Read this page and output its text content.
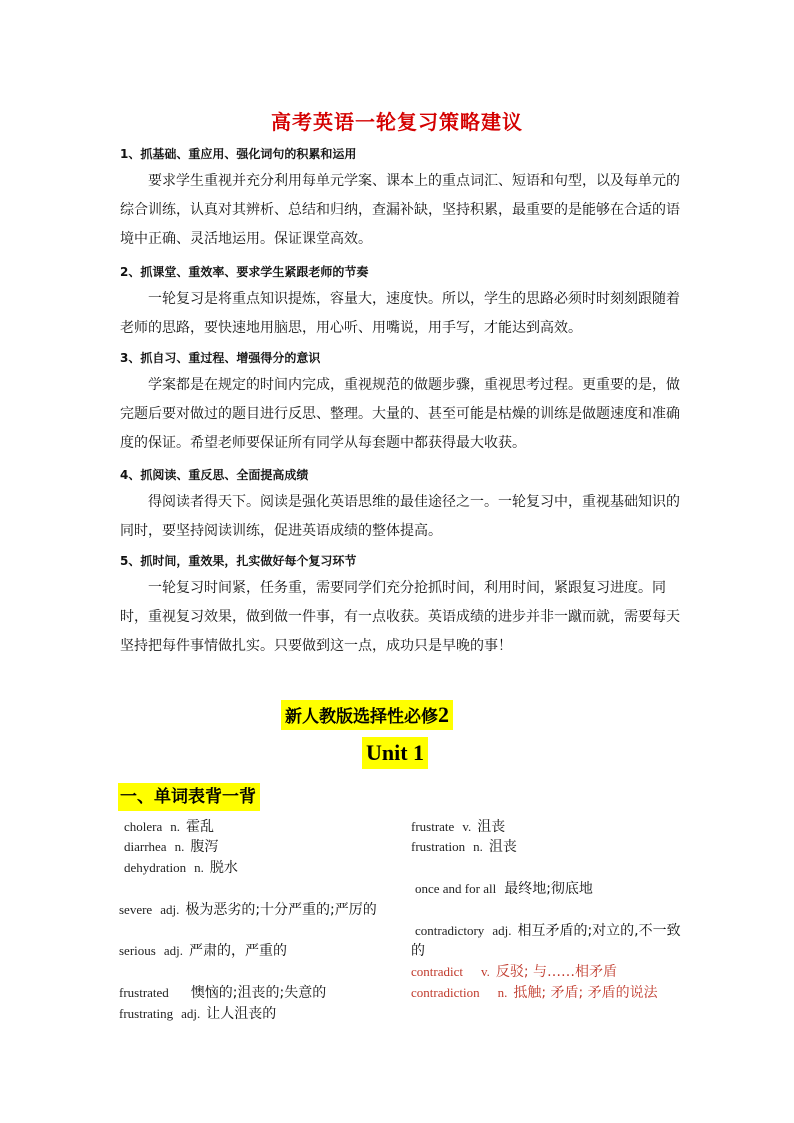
高考英语一轮复习策略建议
1、抓基础、重应用、强化词句的积累和运用

要求学生重视并充分利用每单元学案、课本上的重点词汇、短语和句型，以及每单元的综合训练，认真对其辨析、总结和归纳，查漏补缺，坚持积累，最重要的是能够在合适的语境中正确、灵活地运用。保证课堂高效。

2、抓课堂、重效率、要求学生紧跟老师的节奏

一轮复习是将重点知识提炼，容量大，速度快。所以，学生的思路必须时时刻刻跟随着老师的思路，要快速地用脑思，用心听、用嘴说，用手写，才能达到高效。

3、抓自习、重过程、增强得分的意识

学案都是在规定的时间内完成，重视规范的做题步骤，重视思考过程。更重要的是，做完题后要对做过的题目进行反思、整理。大量的、甚至可能是枯燥的训练是做题速度和准确度的保证。希望老师要保证所有同学从每套题中都获得最大收获。

4、抓阅读、重反思、全面提高成绩

得阅读者得天下。阅读是强化英语思维的最佳途径之一。一轮复习中，重视基础知识的同时，要坚持阅读训练，促进英语成绩的整体提高。

5、抓时间，重效果，扎实做好每个复习环节

一轮复习时间紧，任务重，需要同学们充分抢抓时间，利用时间，紧跟复习进度。同时，重视复习效果，做到做一件事，有一点收获。英语成绩的进步并非一蹴而就，需要每天坚持把每件事情做扎实。只要做到这一点，成功只是早晚的事！

新人教版选择性必修2
Unit 1
一、单词表背一背
cholera n. 霍乱
diarrhea n. 腹泻
dehydration n. 脱水
severe adj. 极为恶劣的;十分严重的;严厉的
serious adj. 严肃的，严重的
frustrated 懊恼的;沮丧的;失意的
frustrating adj. 让人沮丧的
frustrate v. 沮丧
frustration n. 沮丧
once and for all 最终地;彻底地
contradictory adj. 相互矛盾的;对立的,不一致的
contradict v. 反驳; 与……相矛盾
contradiction n. 抵触; 矛盾; 矛盾的说法
